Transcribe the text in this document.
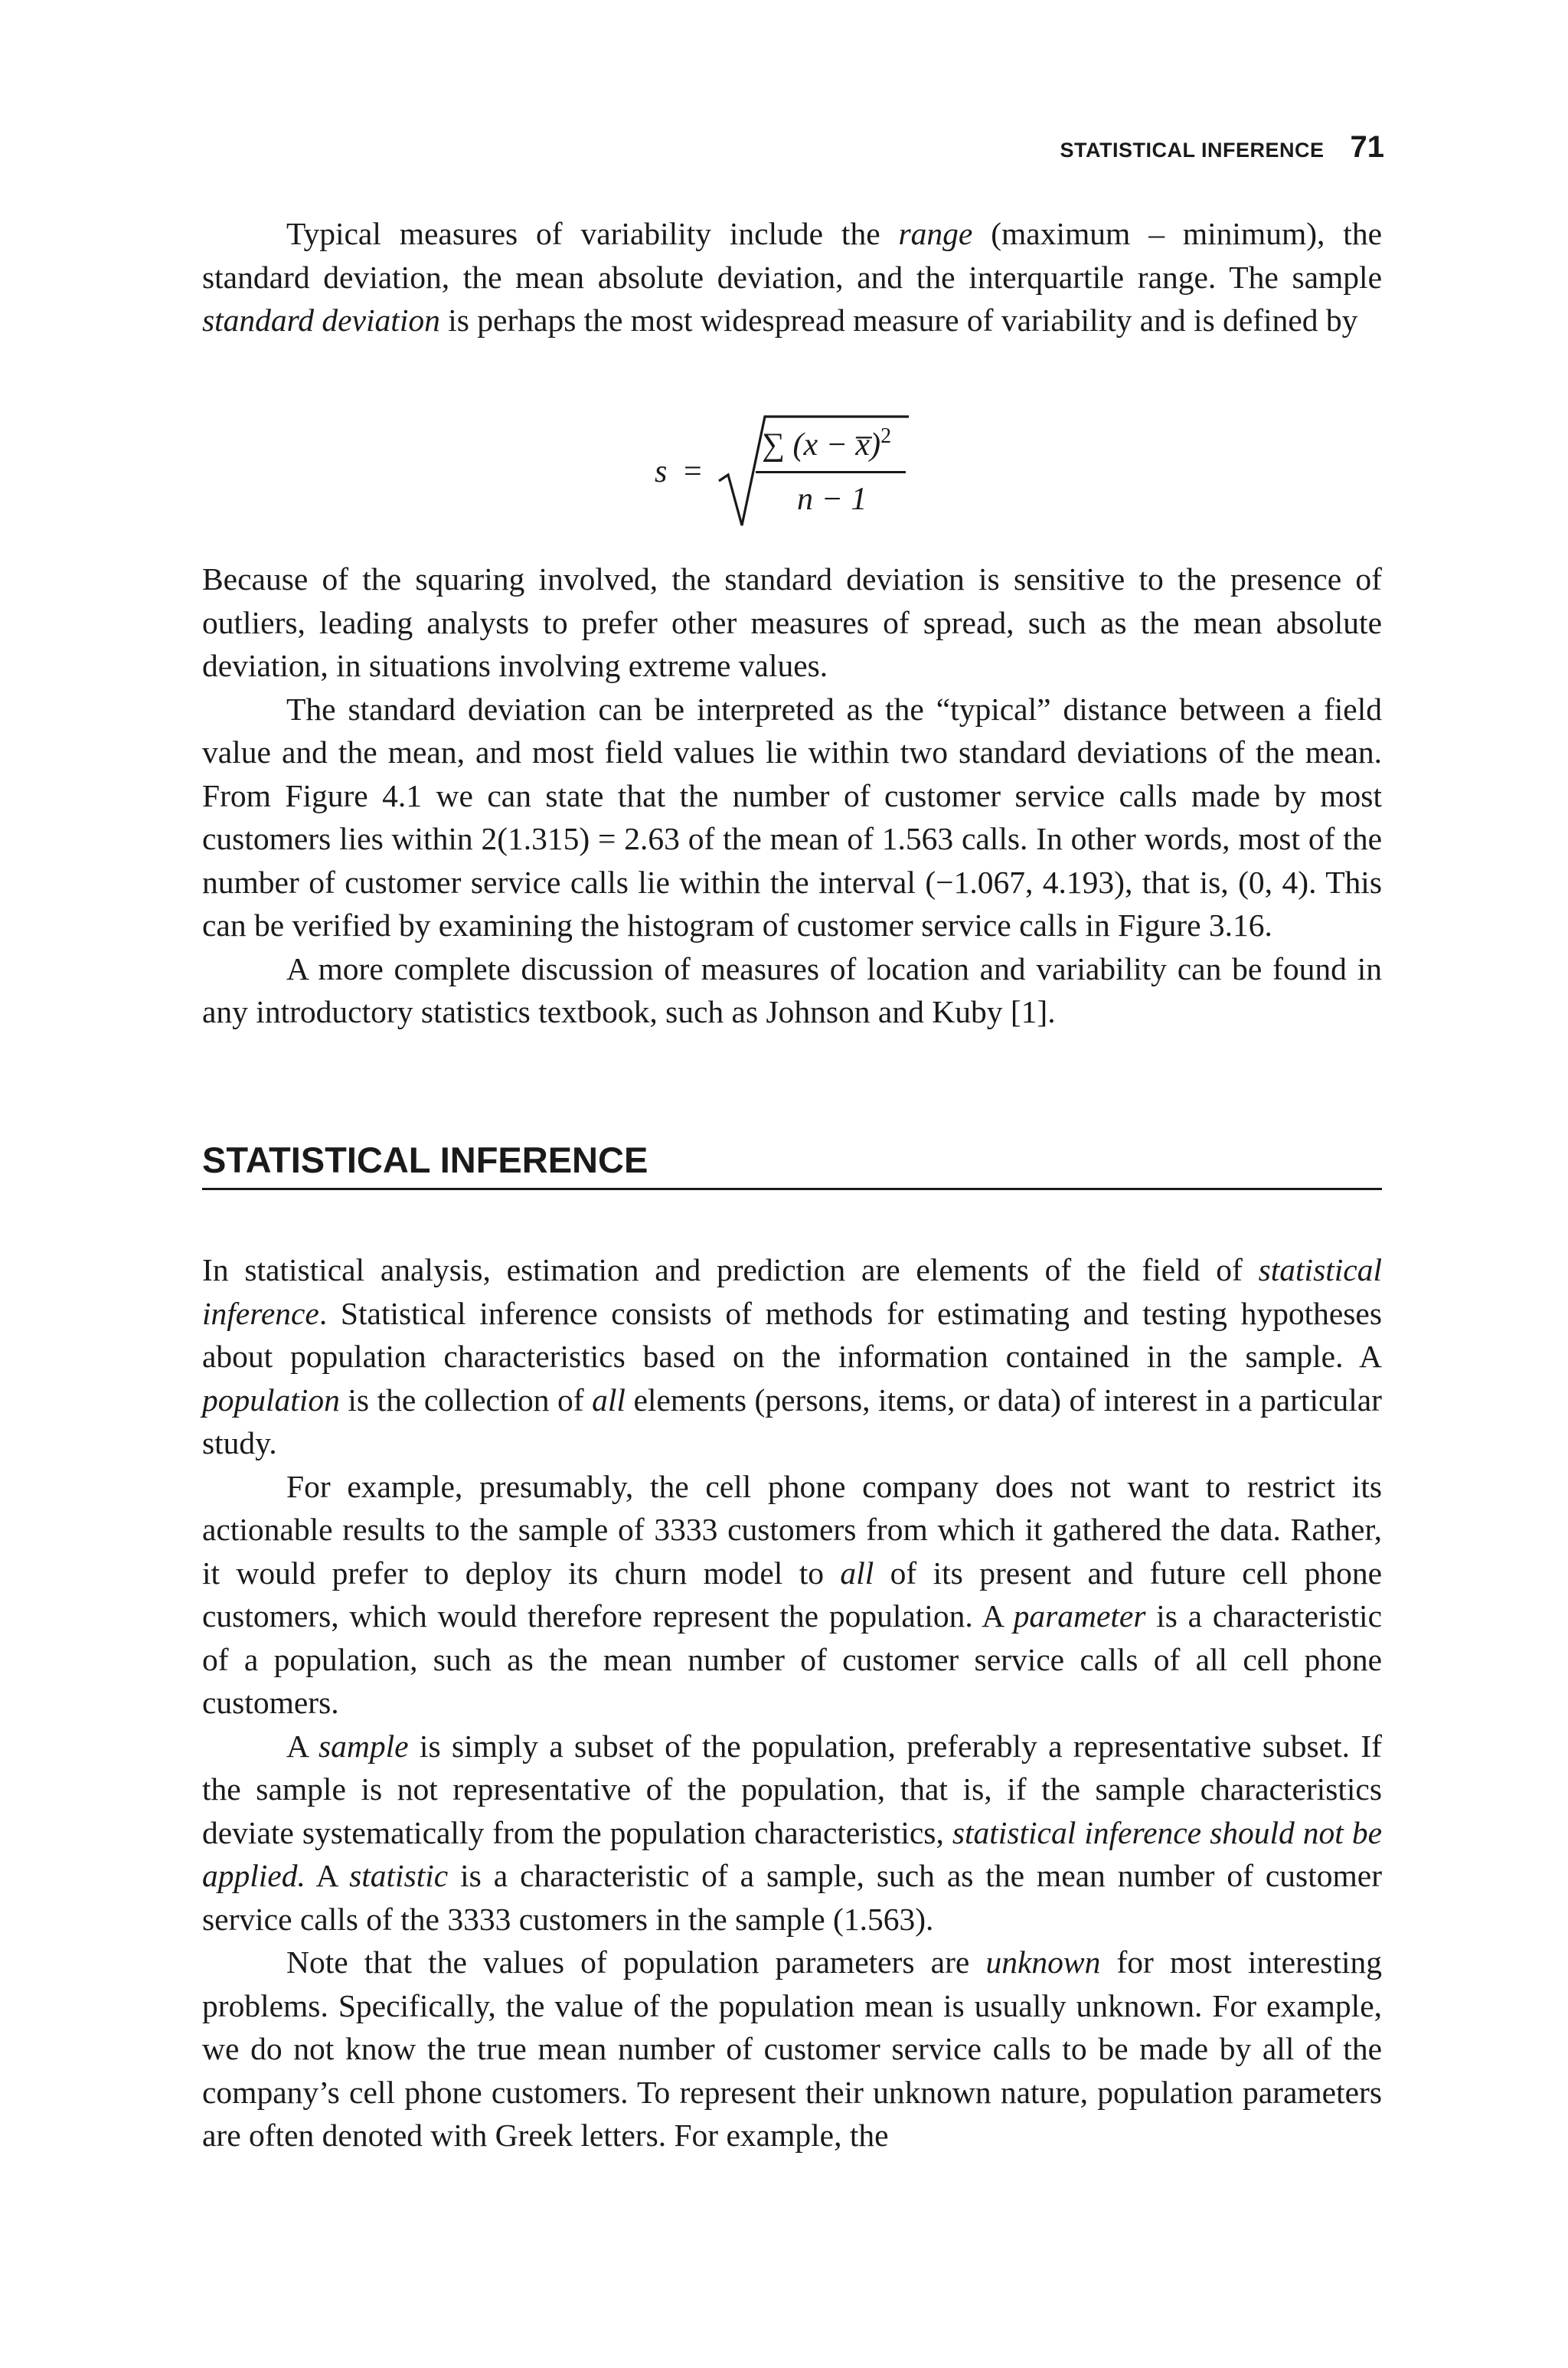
STATISTICAL INFERENCE 71

Typical measures of variability include the range (maximum – minimum), the standard deviation, the mean absolute deviation, and the interquartile range. The sample standard deviation is perhaps the most widespread measure of variability and is defined by

s =
∑ (x − x̅)$^2$
n − 1

Because of the squaring involved, the standard deviation is sensitive to the presence of outliers, leading analysts to prefer other measures of spread, such as the mean absolute deviation, in situations involving extreme values.

The standard deviation can be interpreted as the “typical” distance between a field value and the mean, and most field values lie within two standard deviations of the mean. From Figure 4.1 we can state that the number of customer service calls made by most customers lies within 2(1.315) = 2.63 of the mean of 1.563 calls. In other words, most of the number of customer service calls lie within the interval (−1.067, 4.193), that is, (0, 4). This can be verified by examining the histogram of customer service calls in Figure 3.16.

A more complete discussion of measures of location and variability can be found in any introductory statistics textbook, such as Johnson and Kuby [1].

STATISTICAL INFERENCE

In statistical analysis, estimation and prediction are elements of the field of statistical inference. Statistical inference consists of methods for estimating and testing hypotheses about population characteristics based on the information contained in the sample. A population is the collection of all elements (persons, items, or data) of interest in a particular study.

For example, presumably, the cell phone company does not want to restrict its actionable results to the sample of 3333 customers from which it gathered the data. Rather, it would prefer to deploy its churn model to all of its present and future cell phone customers, which would therefore represent the population. A parameter is a characteristic of a population, such as the mean number of customer service calls of all cell phone customers.

A sample is simply a subset of the population, preferably a representative subset. If the sample is not representative of the population, that is, if the sample characteristics deviate systematically from the population characteristics, statistical inference should not be applied. A statistic is a characteristic of a sample, such as the mean number of customer service calls of the 3333 customers in the sample (1.563).

Note that the values of population parameters are unknown for most interesting problems. Specifically, the value of the population mean is usually unknown. For example, we do not know the true mean number of customer service calls to be made by all of the company’s cell phone customers. To represent their unknown nature, population parameters are often denoted with Greek letters. For example, the
